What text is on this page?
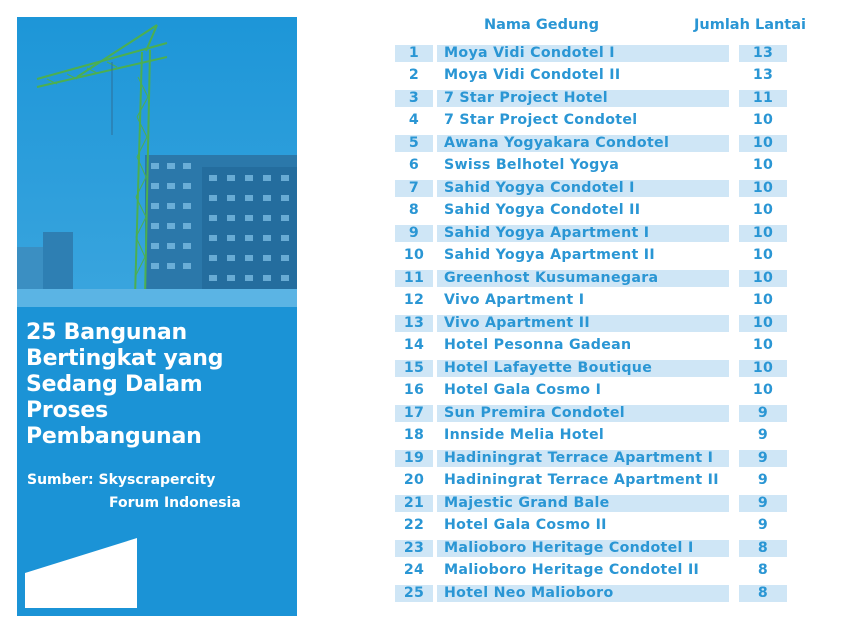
25 Bangunan
Bertingkat yang
Sedang Dalam
Proses
Pembangunan
Sumber: Skyscrapercity
Forum Indonesia
Nama Gedung	Jumlah Lantai
1	Moya Vidi Condotel I	13
2	Moya Vidi Condotel II	13
3	7 Star Project Hotel	11
4	7 Star Project Condotel	10
5	Awana Yogyakara Condotel	10
6	Swiss Belhotel Yogya	10
7	Sahid Yogya Condotel I	10
8	Sahid Yogya Condotel II	10
9	Sahid Yogya Apartment I	10
10	Sahid Yogya Apartment II	10
11	Greenhost Kusumanegara	10
12	Vivo Apartment I	10
13	Vivo Apartment II	10
14	Hotel Pesonna Gadean	10
15	Hotel Lafayette Boutique	10
16	Hotel Gala Cosmo I	10
17	Sun Premira Condotel	9
18	Innside Melia Hotel	9
19	Hadiningrat Terrace Apartment I	9
20	Hadiningrat Terrace Apartment II	9
21	Majestic Grand Bale	9
22	Hotel Gala Cosmo II	9
23	Malioboro Heritage Condotel I	8
24	Malioboro Heritage Condotel II	8
25	Hotel Neo Malioboro	8
